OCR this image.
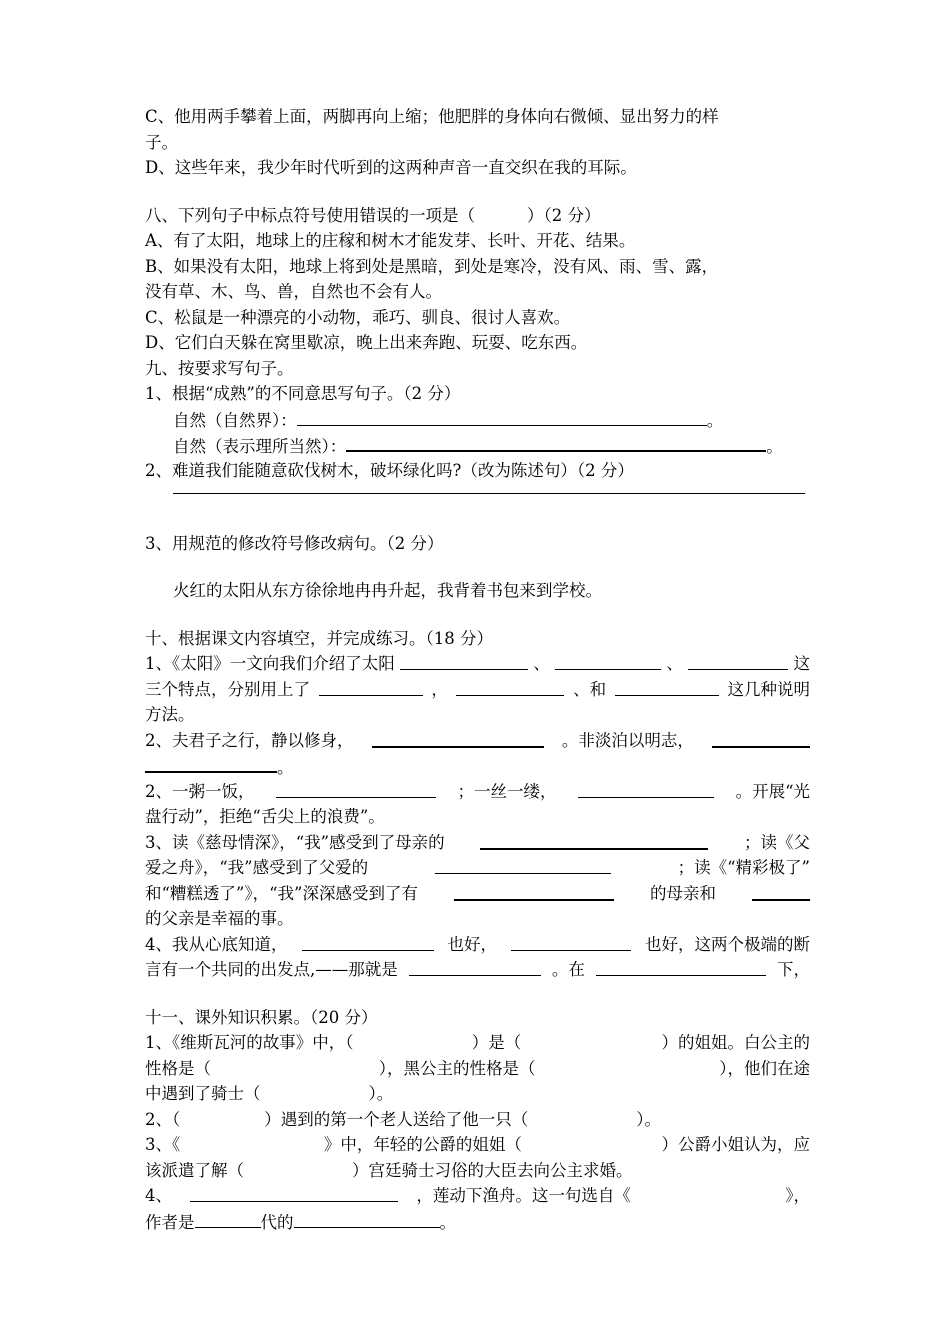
C、他用两手攀着上面，两脚再向上缩；他肥胖的身体向右微倾、显出努力的样
子。
D、这些年来，我少年时代听到的这两种声音一直交织在我的耳际。
八、下列句子中标点符号使用错误的一项是（	）（2 分）
A、有了太阳，地球上的庄稼和树木才能发芽、长叶、开花、结果。
B、如果没有太阳，地球上将到处是黑暗，到处是寒冷，没有风、雨、雪、露，
没有草、木、鸟、兽，自然也不会有人。
C、松鼠是一种漂亮的小动物，乖巧、驯良、很讨人喜欢。
D、它们白天躲在窝里歇凉，晚上出来奔跑、玩耍、吃东西。
九、按要求写句子。
1、根据“成熟”的不同意思写句子。（2 分）
自然（自然界）：	。
自然（表示理所当然）：	。
2、难道我们能随意砍伐树木，破坏绿化吗?（改为陈述句）（2 分）
3、用规范的修改符号修改病句。（2 分）
火红的太阳从东方徐徐地冉冉升起，我背着书包来到学校。
十、根据课文内容填空，并完成练习。（18 分）
1、《太阳》一文向我们介绍了太阳	、	、	这
三个特点，分别用上了	，	、和	这几种说明
方法。
2、夫君子之行，静以修身，	。非淡泊以明志，
。
2、一粥一饭，	；一丝一缕，	。开展“光
盘行动”，拒绝“舌尖上的浪费”。
3、读《慈母情深》，“我”感受到了母亲的	；读《父
爱之舟》，“我”感受到了父爱的	；读《“精彩极了”
和“糟糕透了”》，“我”深深感受到了有	的母亲和
的父亲是幸福的事。
4、我从心底知道，	也好，	也好，这两个极端的断
言有一个共同的出发点,——那就是	。在	下，
十一、课外知识积累。（20 分）
1、《维斯瓦河的故事》中，（	）是（	）的姐姐。白公主的
性格是（	），黑公主的性格是（	），他们在途
中遇到了骑士（	）。
2、（	）遇到的第一个老人送给了他一只（	）。
3、《	》中，年轻的公爵的姐姐（	）公爵小姐认为，应
该派遣了解（	）宫廷骑士习俗的大臣去向公主求婚。
4、	，莲动下渔舟。这一句选自《	》，
作者是	代的	。
